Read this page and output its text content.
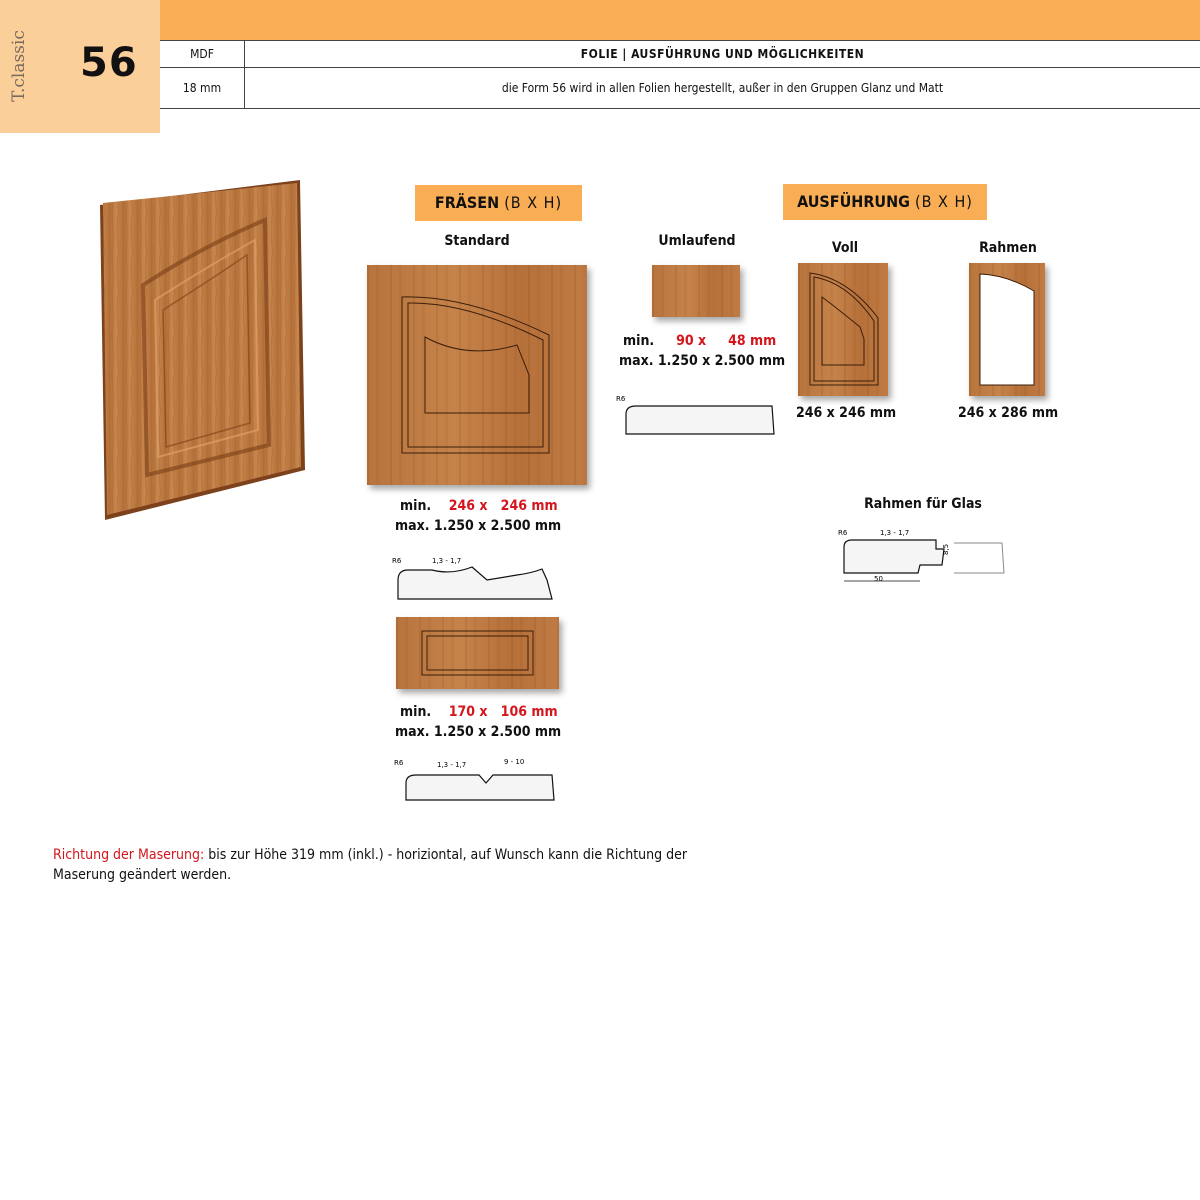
T.classic 56	MDF	FOLIE | AUSFÜHRUNG UND MÖGLICHKEITEN
18 mm	die Form 56 wird in allen Folien hergestellt, außer in den Gruppen Glanz und Matt
FRÄSEN (B X H)
Standard
min. 246 x   246 mm
max. 1.250 x 2.500 mm
R6	1,3 - 1,7
min. 170 x   106 mm
max. 1.250 x 2.500 mm
R6	1,3 - 1,7	9 - 10
Umlaufend
min. 90 x     48 mm
max. 1.250 x 2.500 mm
R6
AUSFÜHRUNG (B X H)
Voll
246 x 246 mm
Rahmen
246 x 286 mm
Rahmen für Glas
R6	1,3 - 1,7
50
8,5
Richtung der Maserung: bis zur Höhe 319 mm (inkl.) - horiziontal, auf Wunsch kann die Richtung der Maserung geändert werden.
